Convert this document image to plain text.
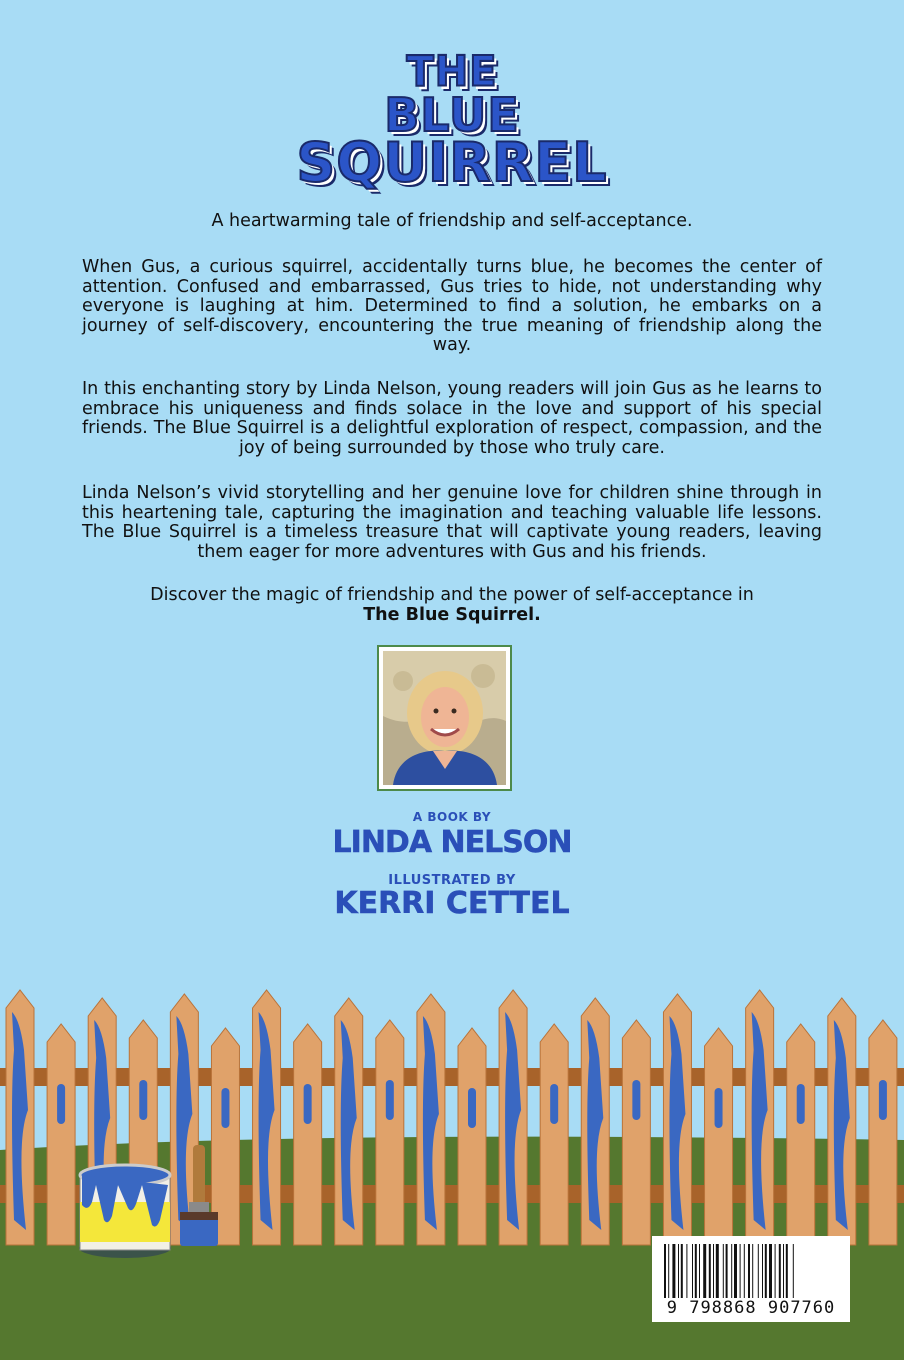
THE
BLUE
SQUIRREL
A heartwarming tale of friendship and self-acceptance.
When Gus, a curious squirrel, accidentally turns blue, he becomes the center of attention. Confused and embarrassed, Gus tries to hide, not understanding why everyone is laughing at him. Determined to find a solution, he embarks on a journey of self-discovery, encountering the true meaning of friendship along the way.
In this enchanting story by Linda Nelson, young readers will join Gus as he learns to embrace his uniqueness and finds solace in the love and support of his special friends. The Blue Squirrel is a delightful exploration of respect, compassion, and the joy of being surrounded by those who truly care.
Linda Nelson’s vivid storytelling and her genuine love for children shine through in this heartening tale, capturing the imagination and teaching valuable life lessons. The Blue Squirrel is a timeless treasure that will captivate young readers, leaving them eager for more adventures with Gus and his friends.
Discover the magic of friendship and the power of self-acceptance in
The Blue Squirrel.
A BOOK BY
LINDA NELSON
ILLUSTRATED BY
KERRI CETTEL
9 798868 907760
